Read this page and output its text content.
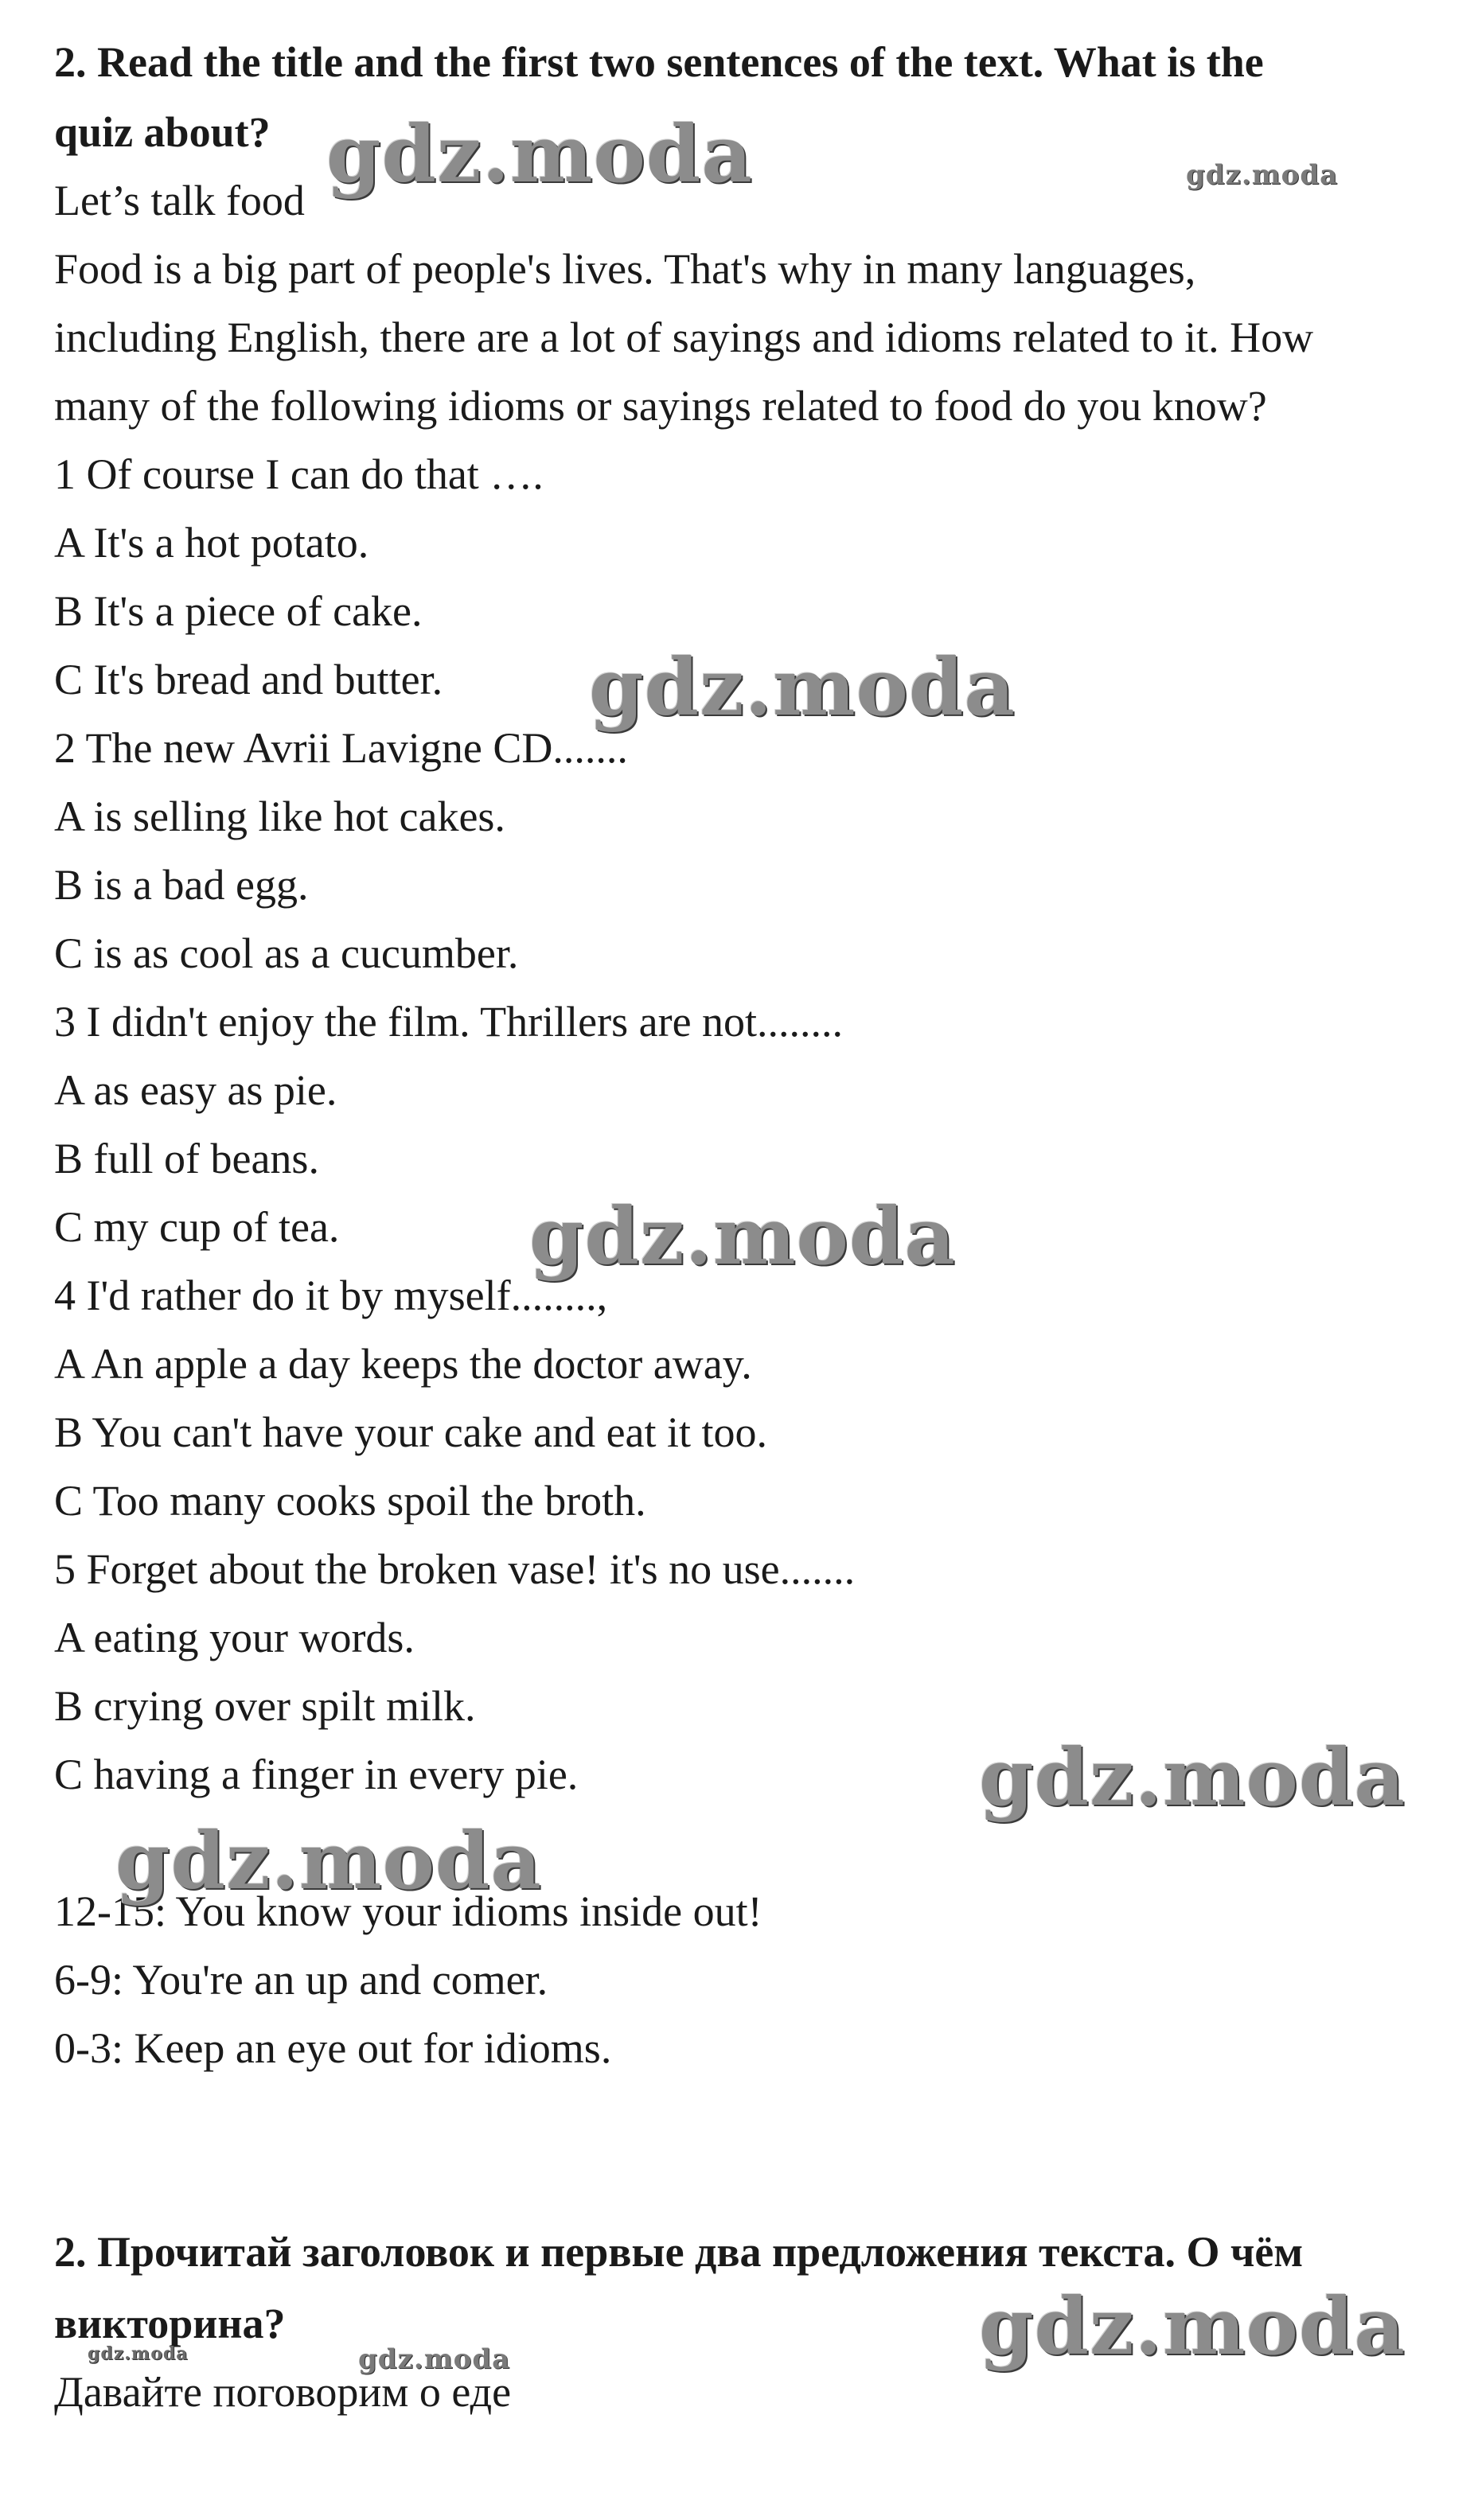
2. Read the title and the first two sentences of the text. What is the

quiz about?

Let’s talk food

Food is a big part of people's lives. That's why in many languages,

including English, there are a lot of sayings and idioms related to it. How

many of the following idioms or sayings related to food do you know?

1 Of course I can do that ….

A It's a hot potato.

B It's a piece of cake.

C It's bread and butter.

2 The new Avrii Lavigne CD.......

A is selling like hot cakes.

B is a bad egg.

C is as cool as a cucumber.

3 I didn't enjoy the film. Thrillers are not........

A as easy as pie.

B full of beans.

C my cup of tea.

4 I'd rather do it by myself........,

A An apple a day keeps the doctor away.

B You can't have your cake and eat it too.

C Too many cooks spoil the broth.

5 Forget about the broken vase! it's no use.......

A eating your words.

B crying over spilt milk.

C having a finger in every pie.

12-15: You know your idioms inside out!

6-9: You're an up and comer.

0-3: Keep an eye out for idioms.

2. Прочитай заголовок и первые два предложения текста. О чём

викторина?

Давайте поговорим о еде

gdz.moda	gdz.moda
gdz.moda
gdz.moda
gdz.moda
gdz.moda
gdz.moda
gdz.moda
gdz.moda
